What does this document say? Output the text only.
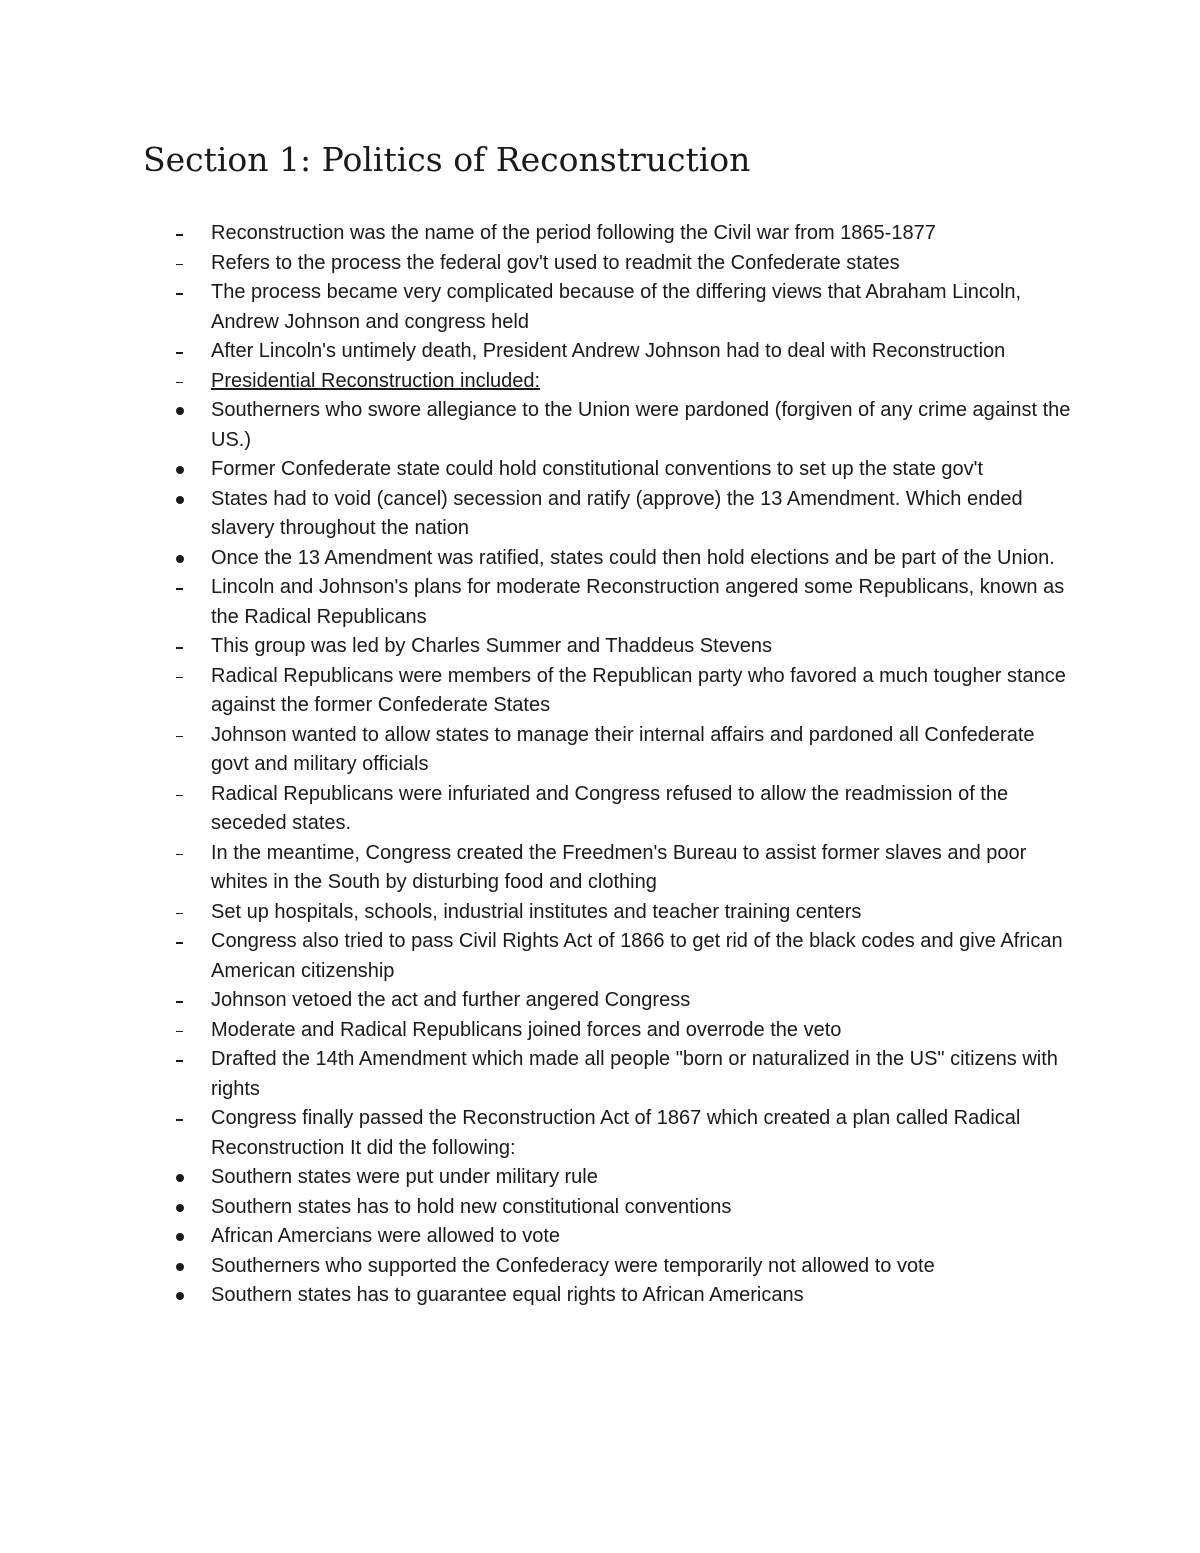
Section 1: Politics of Reconstruction
Reconstruction was the name of the period following the Civil war from 1865-1877
Refers to the process the federal gov't used to readmit the Confederate states
The process became very complicated because of the differing views that Abraham Lincoln, Andrew Johnson and congress held
After Lincoln's untimely death, President Andrew Johnson had to deal with Reconstruction
Presidential Reconstruction included:
Southerners who swore allegiance to the Union were pardoned (forgiven of any crime against the US.)
Former Confederate state could hold constitutional conventions to set up the state gov't
States had to void (cancel) secession and ratify (approve) the 13 Amendment. Which ended slavery throughout the nation
Once the 13 Amendment was ratified, states could then hold elections and be part of the Union.
Lincoln and Johnson's plans for moderate Reconstruction angered some Republicans, known as the Radical Republicans
This group was led by Charles Summer and Thaddeus Stevens
Radical Republicans were members of the Republican party who favored a much tougher stance against the former Confederate States
Johnson wanted to allow states to manage their internal affairs and pardoned all Confederate govt and military officials
Radical Republicans were infuriated and Congress refused to allow the readmission of the seceded states.
In the meantime, Congress created the Freedmen's Bureau to assist former slaves and poor whites in the South by disturbing food and clothing
Set up hospitals, schools, industrial institutes and teacher training centers
Congress also tried to pass Civil Rights Act of 1866 to get rid of the black codes and give African American citizenship
Johnson vetoed the act and further angered Congress
Moderate and Radical Republicans joined forces and overrode the veto
Drafted the 14th Amendment which made all people "born or naturalized in the US" citizens with rights
Congress finally passed the Reconstruction Act of 1867 which created a plan called Radical Reconstruction It did the following:
Southern states were put under military rule
Southern states has to hold new constitutional conventions
African Amercians were allowed to vote
Southerners who supported the Confederacy were temporarily not allowed to vote
Southern states has to guarantee equal rights to African Americans
